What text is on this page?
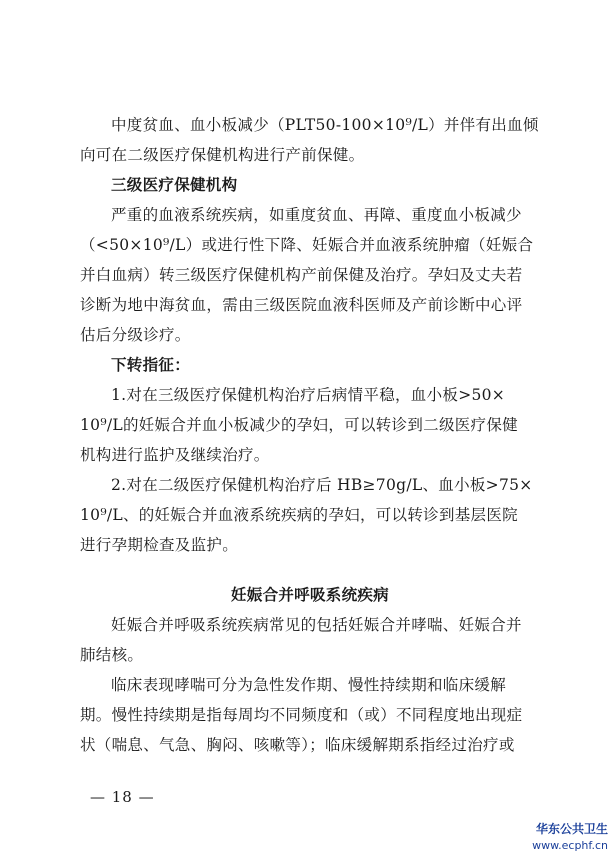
中度贫血、血小板减少（PLT50-100×10⁹/L）并伴有出血倾
向可在二级医疗保健机构进行产前保健。
三级医疗保健机构
严重的血液系统疾病，如重度贫血、再障、重度血小板减少
（<50×10⁹/L）或进行性下降、妊娠合并血液系统肿瘤（妊娠合
并白血病）转三级医疗保健机构产前保健及治疗。孕妇及丈夫若
诊断为地中海贫血，需由三级医院血液科医师及产前诊断中心评
估后分级诊疗。
下转指征：
1.对在三级医疗保健机构治疗后病情平稳，血小板>50×
10⁹/L的妊娠合并血小板减少的孕妇，可以转诊到二级医疗保健
机构进行监护及继续治疗。
2.对在二级医疗保健机构治疗后 HB≥70g/L、血小板>75×
10⁹/L、的妊娠合并血液系统疾病的孕妇，可以转诊到基层医院
进行孕期检查及监护。
妊娠合并呼吸系统疾病
妊娠合并呼吸系统疾病常见的包括妊娠合并哮喘、妊娠合并
肺结核。
临床表现哮喘可分为急性发作期、慢性持续期和临床缓解
期。慢性持续期是指每周均不同频度和（或）不同程度地出现症
状（喘息、气急、胸闷、咳嗽等）；临床缓解期系指经过治疗或
— 18 —
华东公共卫生
www.ecphf.cn
